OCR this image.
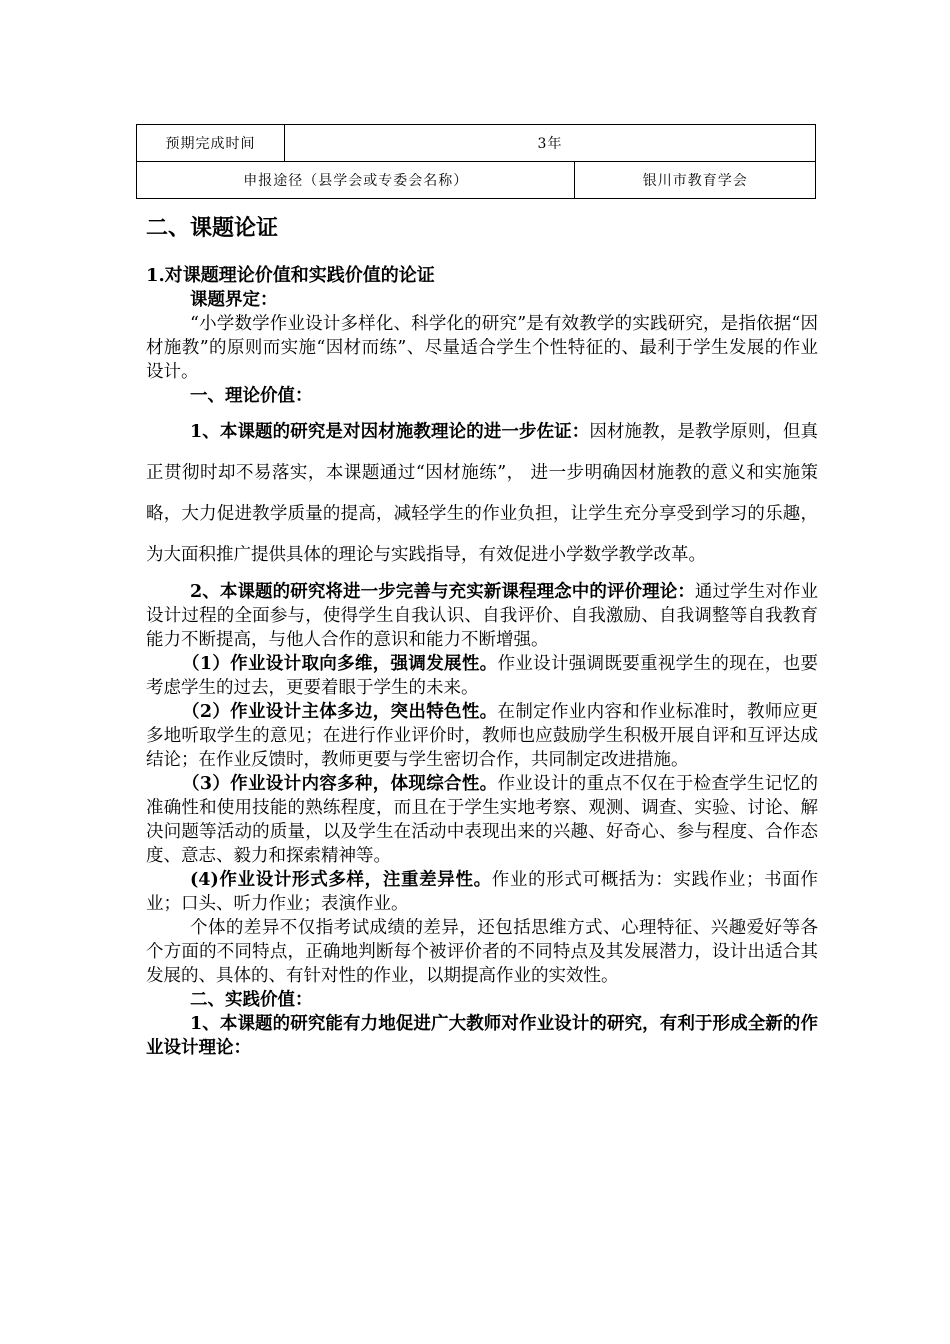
预期完成时间	3年	
申报途径（县学会或专委会名称）		银川市教育学会
二、课题论证
1.对课题理论价值和实践价值的论证

课题界定：

“小学数学作业设计多样化、科学化的研究”是有效教学的实践研究，是指依据“因材施教”的原则而实施“因材而练”、尽量适合学生个性特征的、最利于学生发展的作业设计。

一、理论价值：

1、本课题的研究是对因材施教理论的进一步佐证：因材施教，是教学原则，但真正贯彻时却不易落实，本课题通过“因材施练”， 进一步明确因材施教的意义和实施策略，大力促进教学质量的提高，减轻学生的作业负担，让学生充分享受到学习的乐趣，为大面积推广提供具体的理论与实践指导，有效促进小学数学教学改革。

2、本课题的研究将进一步完善与充实新课程理念中的评价理论：通过学生对作业设计过程的全面参与，使得学生自我认识、自我评价、自我激励、自我调整等自我教育能力不断提高，与他人合作的意识和能力不断增强。

（1）作业设计取向多维，强调发展性。作业设计强调既要重视学生的现在，也要考虑学生的过去，更要着眼于学生的未来。

（2）作业设计主体多边，突出特色性。在制定作业内容和作业标准时，教师应更多地听取学生的意见；在进行作业评价时，教师也应鼓励学生积极开展自评和互评达成结论；在作业反馈时，教师更要与学生密切合作，共同制定改进措施。

（3）作业设计内容多种，体现综合性。作业设计的重点不仅在于检查学生记忆的准确性和使用技能的熟练程度，而且在于学生实地考察、观测、调查、实验、讨论、解决问题等活动的质量，以及学生在活动中表现出来的兴趣、好奇心、参与程度、合作态度、意志、毅力和探索精神等。

(4)作业设计形式多样，注重差异性。作业的形式可概括为：实践作业；书面作业；口头、听力作业；表演作业。

个体的差异不仅指考试成绩的差异，还包括思维方式、心理特征、兴趣爱好等各个方面的不同特点，正确地判断每个被评价者的不同特点及其发展潜力，设计出适合其发展的、具体的、有针对性的作业，以期提高作业的实效性。

二、实践价值：

1、本课题的研究能有力地促进广大教师对作业设计的研究，有利于形成全新的作业设计理论：
